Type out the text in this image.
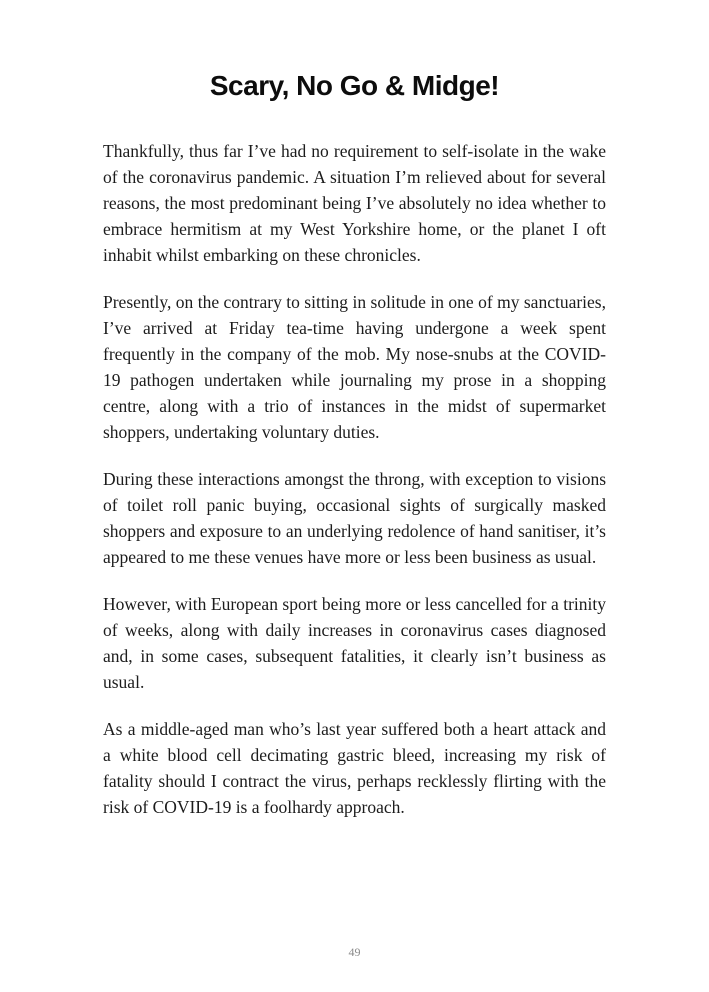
Scary, No Go & Midge!

Thankfully, thus far I’ve had no requirement to self-isolate in the wake of the coronavirus pandemic. A situation I’m relieved about for several reasons, the most predominant being I’ve absolutely no idea whether to embrace hermitism at my West Yorkshire home, or the planet I oft inhabit whilst embarking on these chronicles.

Presently, on the contrary to sitting in solitude in one of my sanctuaries, I’ve arrived at Friday tea-time having undergone a week spent frequently in the company of the mob. My nose-snubs at the COVID-19 pathogen undertaken while journaling my prose in a shopping centre, along with a trio of instances in the midst of supermarket shoppers, undertaking voluntary duties.

During these interactions amongst the throng, with exception to visions of toilet roll panic buying, occasional sights of surgically masked shoppers and exposure to an underlying redolence of hand sanitiser, it’s appeared to me these venues have more or less been business as usual.

However, with European sport being more or less cancelled for a trinity of weeks, along with daily increases in coronavirus cases diagnosed and, in some cases, subsequent fatalities, it clearly isn’t business as usual.

As a middle-aged man who’s last year suffered both a heart attack and a white blood cell decimating gastric bleed, increasing my risk of fatality should I contract the virus, perhaps recklessly flirting with the risk of COVID-19 is a foolhardy approach.

49
